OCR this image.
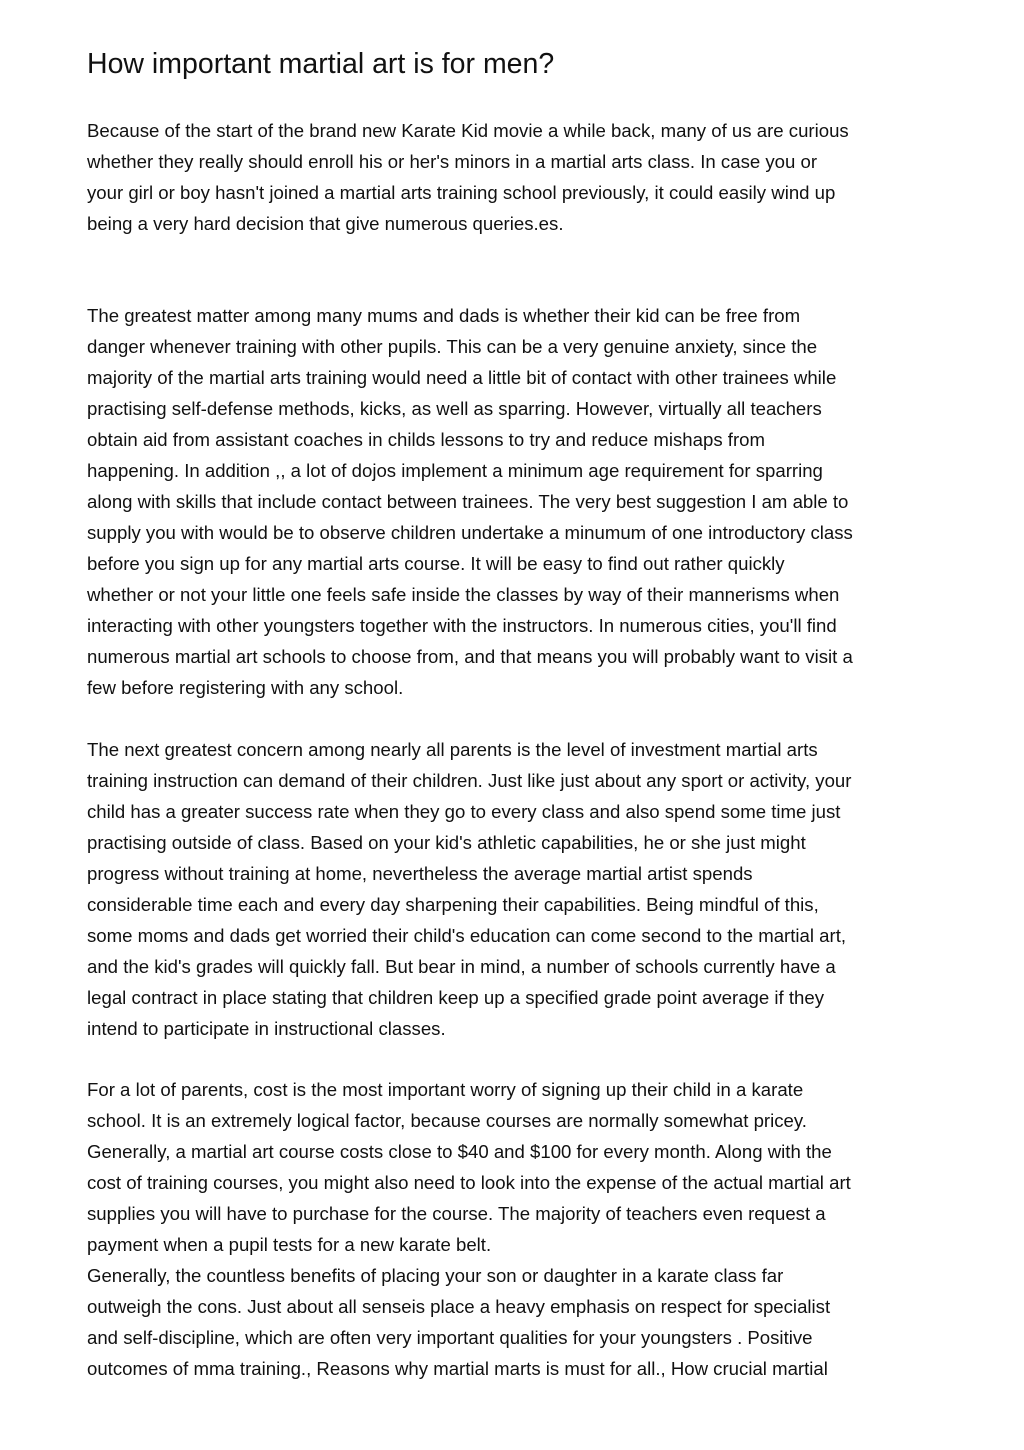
How important martial art is for men?

Because of the start of the brand new Karate Kid movie a while back, many of us are curious
whether they really should enroll his or her's minors in a martial arts class. In case you or
your girl or boy hasn't joined a martial arts training school previously, it could easily wind up
being a very hard decision that give numerous queries.es.

The greatest matter among many mums and dads is whether their kid can be free from
danger whenever training with other pupils. This can be a very genuine anxiety, since the
majority of the martial arts training would need a little bit of contact with other trainees while
practising self-defense methods, kicks, as well as sparring. However, virtually all teachers
obtain aid from assistant coaches in childs lessons to try and reduce mishaps from
happening. In addition ,, a lot of dojos implement a minimum age requirement for sparring
along with skills that include contact between trainees. The very best suggestion I am able to
supply you with would be to observe children undertake a minumum of one introductory class
before you sign up for any martial arts course. It will be easy to find out rather quickly
whether or not your little one feels safe inside the classes by way of their mannerisms when
interacting with other youngsters together with the instructors. In numerous cities, you'll find
numerous martial art schools to choose from, and that means you will probably want to visit a
few before registering with any school.

The next greatest concern among nearly all parents is the level of investment martial arts
training instruction can demand of their children. Just like just about any sport or activity, your
child has a greater success rate when they go to every class and also spend some time just
practising outside of class. Based on your kid's athletic capabilities, he or she just might
progress without training at home, nevertheless the average martial artist spends
considerable time each and every day sharpening their capabilities. Being mindful of this,
some moms and dads get worried their child's education can come second to the martial art,
and the kid's grades will quickly fall. But bear in mind, a number of schools currently have a
legal contract in place stating that children keep up a specified grade point average if they
intend to participate in instructional classes.

For a lot of parents, cost is the most important worry of signing up their child in a karate
school. It is an extremely logical factor, because courses are normally somewhat pricey.
Generally, a martial art course costs close to $40 and $100 for every month. Along with the
cost of training courses, you might also need to look into the expense of the actual martial art
supplies you will have to purchase for the course. The majority of teachers even request a
payment when a pupil tests for a new karate belt.

Generally, the countless benefits of placing your son or daughter in a karate class far
outweigh the cons. Just about all senseis place a heavy emphasis on respect for specialist
and self-discipline, which are often very important qualities for your youngsters . Positive
outcomes of mma training., Reasons why martial marts is must for all., How crucial martial
